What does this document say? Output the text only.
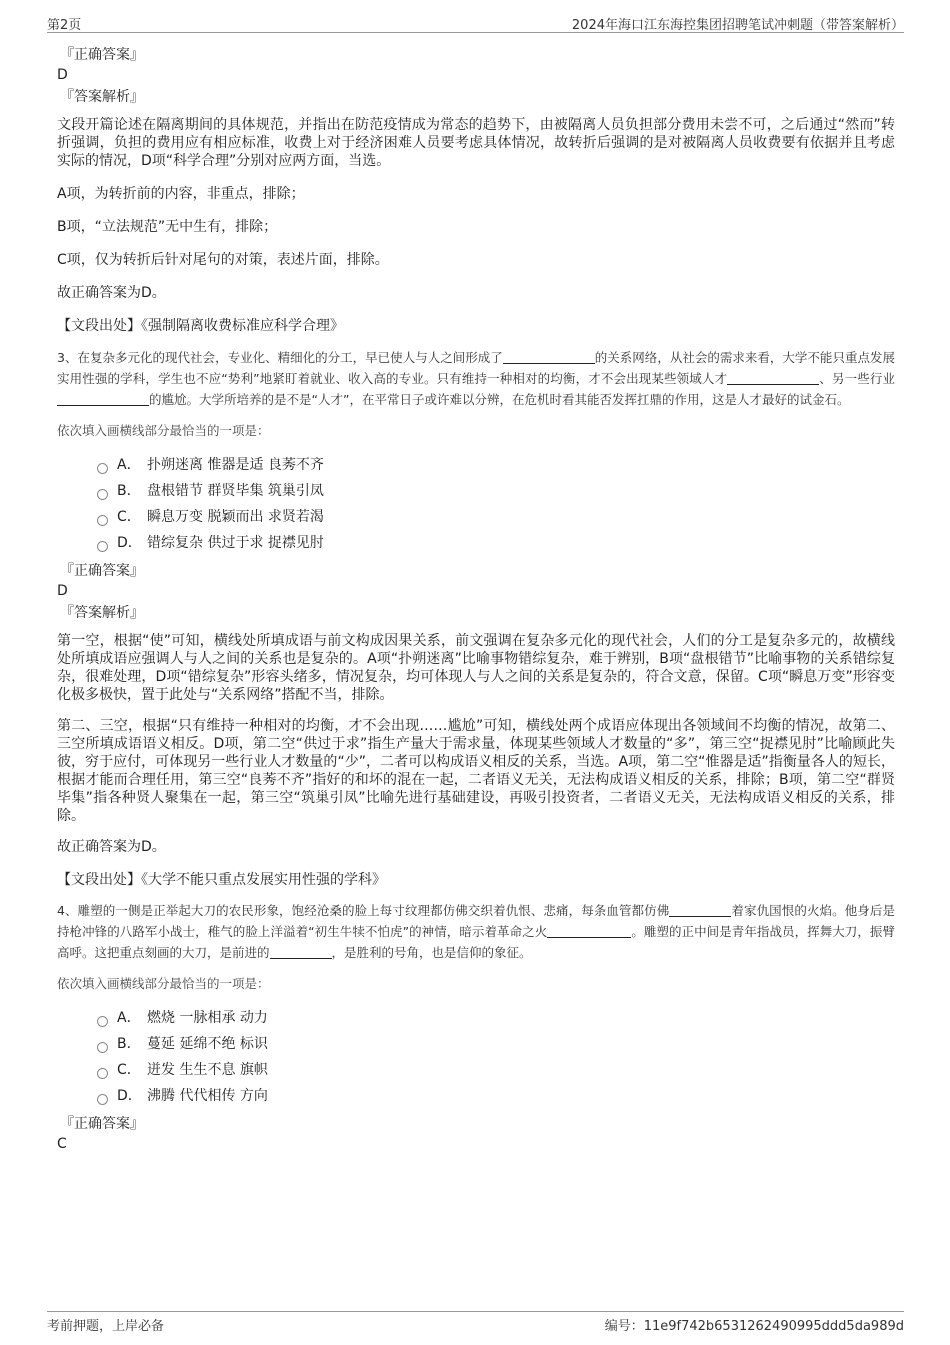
第2页	2024年海口江东海控集团招聘笔试冲刺题（带答案解析）
『正确答案』
D
『答案解析』

文段开篇论述在隔离期间的具体规范，并指出在防范疫情成为常态的趋势下，由被隔离人员负担部分费用未尝不可，之后通过“然而”转折强调，负担的费用应有相应标准，收费上对于经济困难人员要考虑具体情况，故转折后强调的是对被隔离人员收费要有依据并且考虑实际的情况，D项“科学合理”分别对应两方面，当选。

A项，为转折前的内容，非重点，排除；

B项，“立法规范”无中生有，排除；

C项，仅为转折后针对尾句的对策，表述片面，排除。

故正确答案为D。

【文段出处】《强制隔离收费标准应科学合理》

3、在复杂多元化的现代社会，专业化、精细化的分工，早已使人与人之间形成了	的关系网络，从社会的需求来看，大学不能只重点发展实用性强的学科，学生也不应“势利”地紧盯着就业、收入高的专业。只有维持一种相对的均衡，才不会出现某些领域人才	、另一些行业的尴尬。大学所培养的是不是“人才”，在平常日子或许难以分辨，在危机时看其能否发挥扛鼎的作用，这是人才最好的试金石。

依次填入画横线部分最恰当的一项是：
A． 扑朔迷离 惟器是适 良莠不齐
B． 盘根错节 群贤毕集 筑巢引凤
C． 瞬息万变 脱颖而出 求贤若渴
D． 错综复杂 供过于求 捉襟见肘
『正确答案』
D
『答案解析』

第一空，根据“使”可知，横线处所填成语与前文构成因果关系，前文强调在复杂多元化的现代社会，人们的分工是复杂多元的，故横线处所填成语应强调人与人之间的关系也是复杂的。A项“扑朔迷离”比喻事物错综复杂，难于辨别，B项“盘根错节”比喻事物的关系错综复杂，很难处理，D项“错综复杂”形容头绪多，情况复杂，均可体现人与人之间的关系是复杂的，符合文意，保留。C项“瞬息万变”形容变化极多极快，置于此处与“关系网络”搭配不当，排除。

第二、三空，根据“只有维持一种相对的均衡，才不会出现……尴尬”可知，横线处两个成语应体现出各领域间不均衡的情况，故第二、三空所填成语语义相反。D项，第二空“供过于求”指生产量大于需求量，体现某些领域人才数量的“多”，第三空“捉襟见肘”比喻顾此失彼，穷于应付，可体现另一些行业人才数量的“少”，二者可以构成语义相反的关系，当选。A项，第二空“惟器是适”指衡量各人的短长，根据才能而合理任用，第三空“良莠不齐”指好的和坏的混在一起，二者语义无关，无法构成语义相反的关系，排除；B项，第二空“群贤毕集”指各种贤人聚集在一起，第三空“筑巢引凤”比喻先进行基础建设，再吸引投资者，二者语义无关，无法构成语义相反的关系，排除。

故正确答案为D。

【文段出处】《大学不能只重点发展实用性强的学科》

4、雕塑的一侧是正举起大刀的农民形象，饱经沧桑的脸上每寸纹理都仿佛交织着仇恨、悲痛，每条血管都仿佛	着家仇国恨的火焰。他身后是持枪冲锋的八路军小战士，稚气的脸上洋溢着“初生牛犊不怕虎”的神情，暗示着革命之火	。雕塑的正中间是青年指战员，挥舞大刀，振臂高呼。这把重点刻画的大刀，是前进的	，是胜利的号角，也是信仰的象征。

依次填入画横线部分最恰当的一项是：
A． 燃烧 一脉相承 动力
B． 蔓延 延绵不绝 标识
C． 迸发 生生不息 旗帜
D． 沸腾 代代相传 方向
『正确答案』
C
考前押题，上岸必备	编号：11e9f742b6531262490995ddd5da989d
